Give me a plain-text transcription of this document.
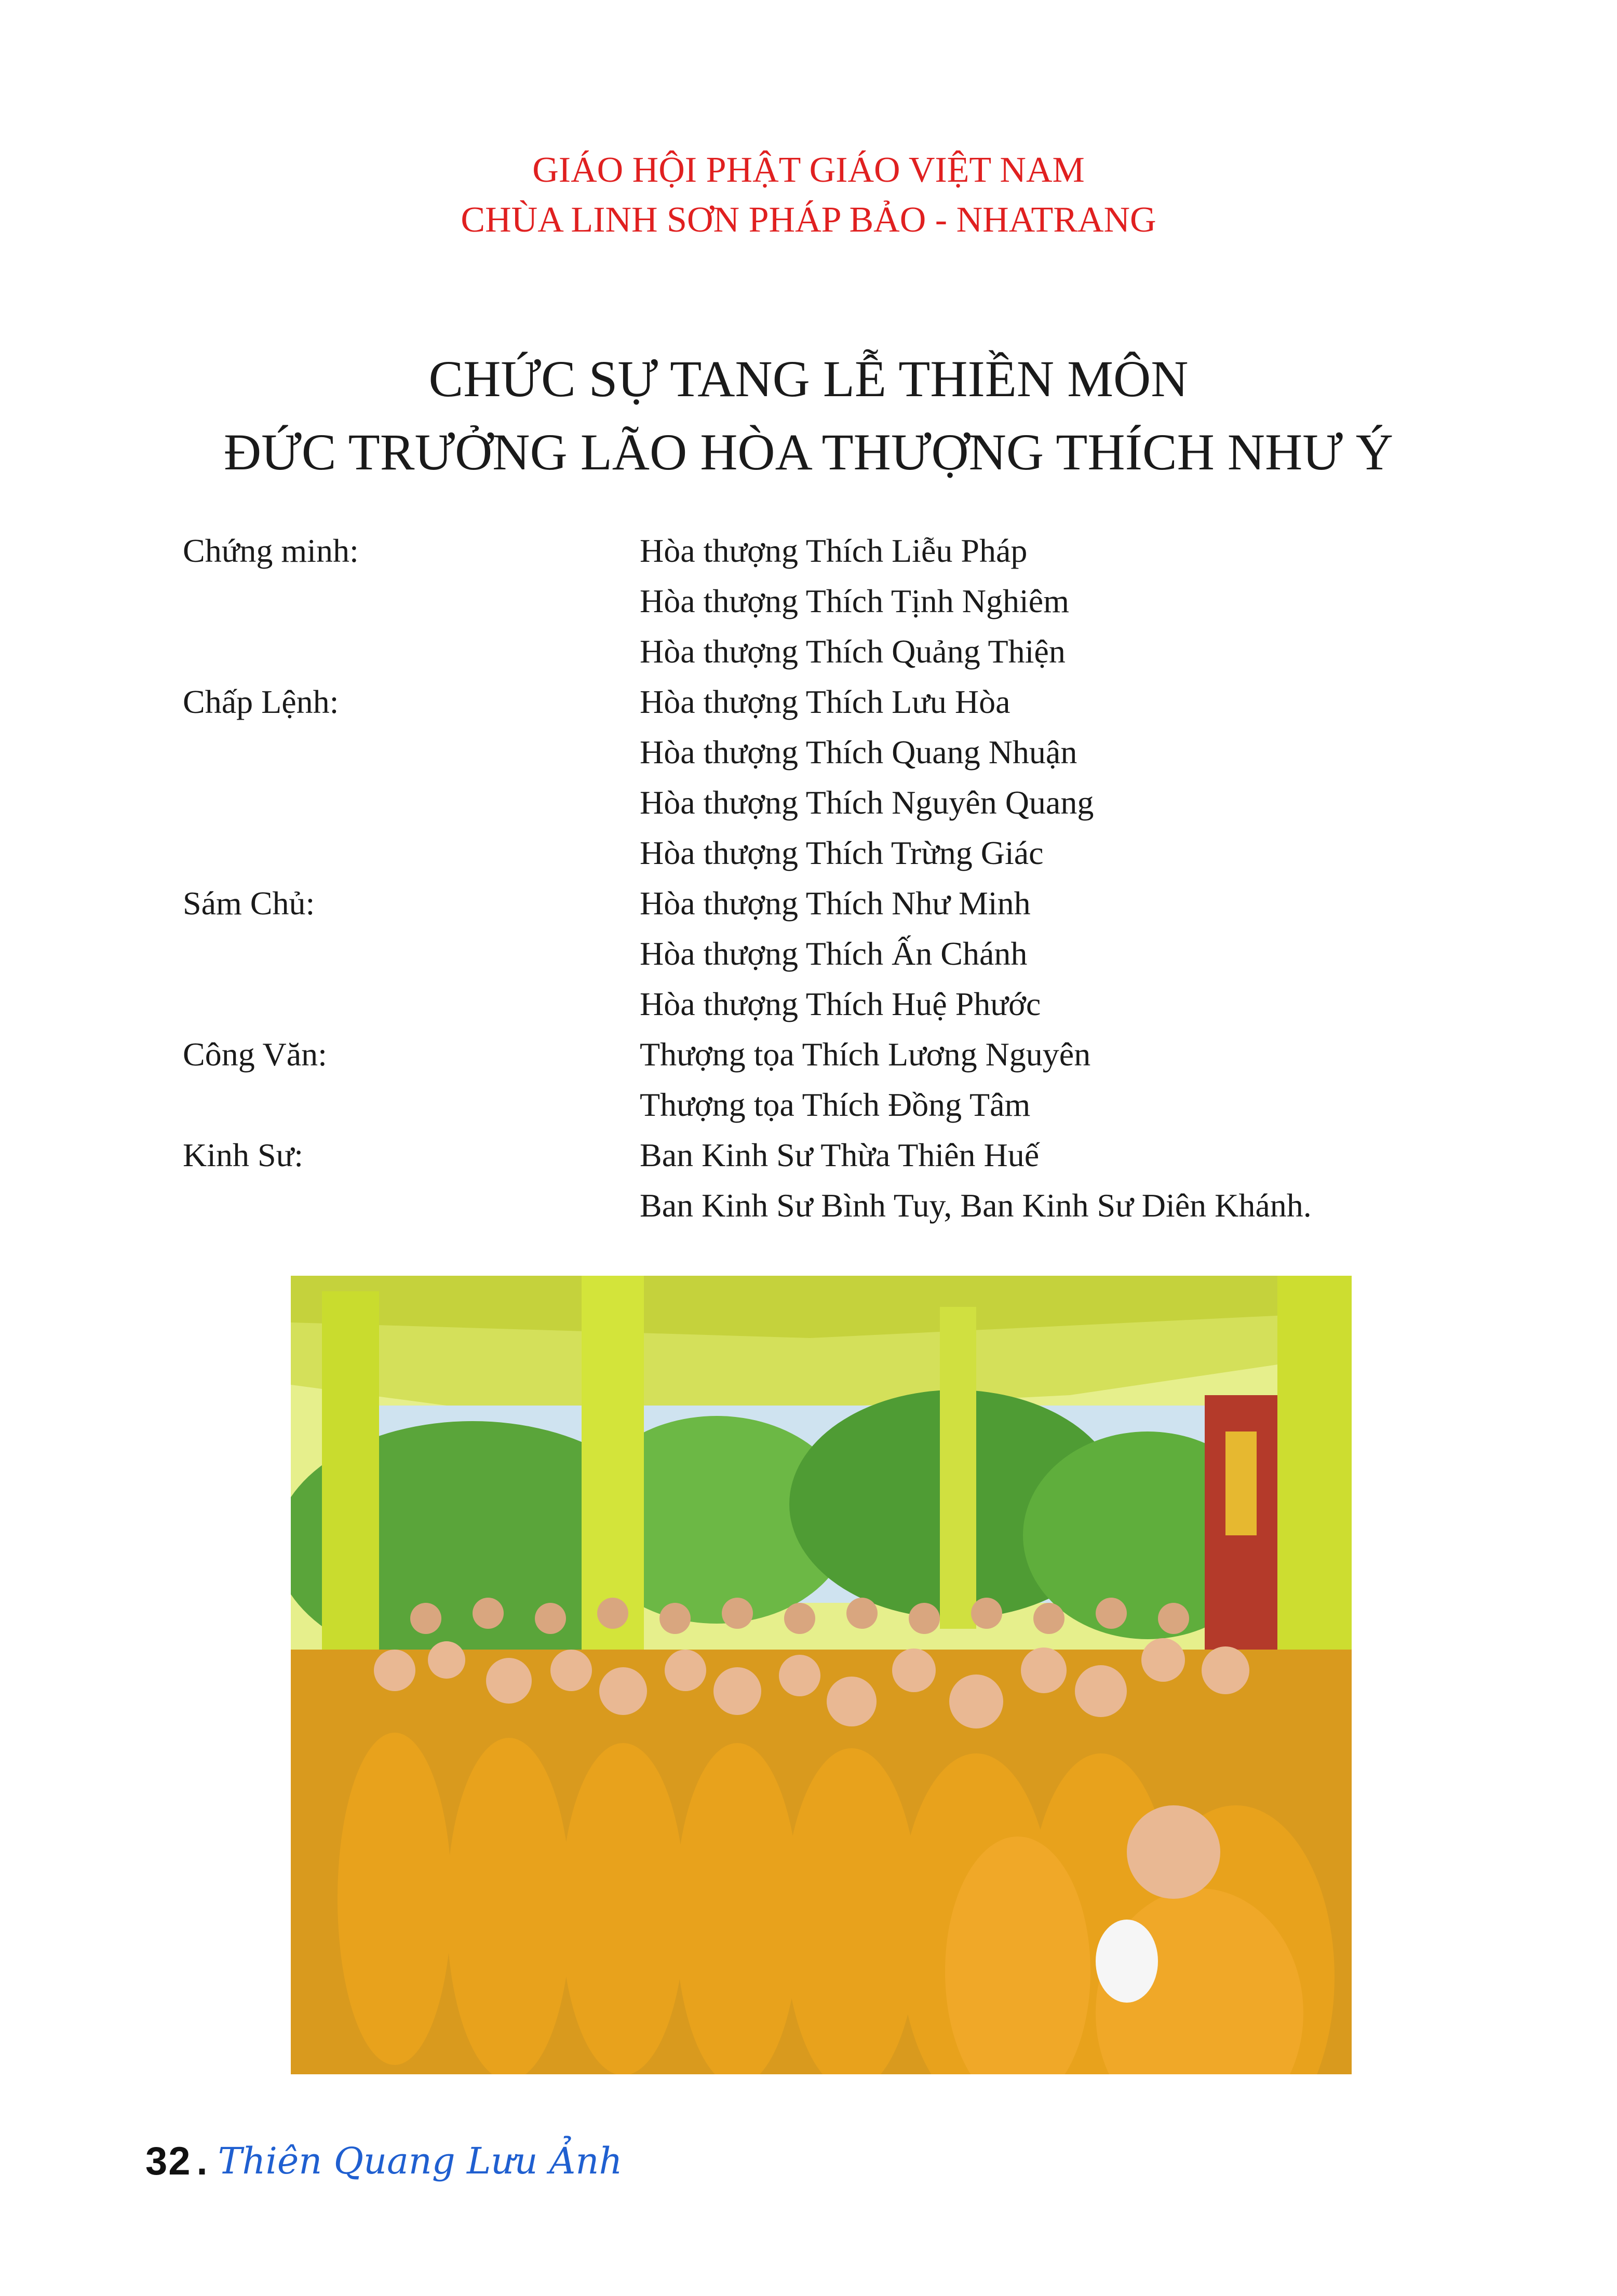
GIÁO HỘI PHẬT GIÁO VIỆT NAM
CHÙA LINH SƠN PHÁP BẢO - NHATRANG
CHỨC SỰ TANG LỄ THIỀN MÔN
ĐỨC TRƯỞNG LÃO HÒA THƯỢNG THÍCH NHƯ Ý
Chứng minh:	Hòa thượng Thích Liễu Pháp
Hòa thượng Thích Tịnh Nghiêm
Hòa thượng Thích Quảng Thiện
Chấp Lệnh:	Hòa thượng Thích Lưu Hòa
Hòa thượng Thích Quang Nhuận
Hòa thượng Thích Nguyên Quang
Hòa thượng Thích Trừng Giác
Sám Chủ:	Hòa thượng Thích Như Minh
Hòa thượng Thích Ấn Chánh
Hòa thượng Thích Huệ Phước
Công Văn:	Thượng tọa Thích Lương Nguyên
Thượng tọa Thích Đồng Tâm
Kinh Sư:	Ban Kinh Sư Thừa Thiên Huế
Ban Kinh Sư Bình Tuy, Ban Kinh Sư Diên Khánh.
32 . Thiên Quang Lưu Ảnh
